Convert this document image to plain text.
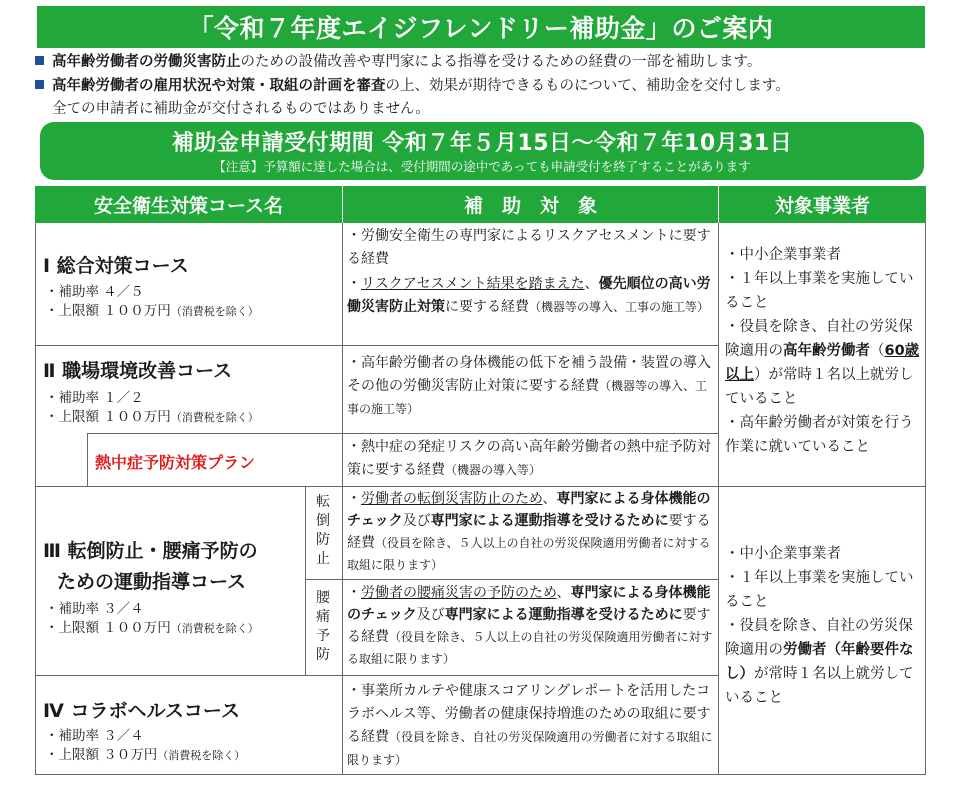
「令和７年度エイジフレンドリー補助金」のご案内
高年齢労働者の労働災害防止のための設備改善や専門家による指導を受けるための経費の一部を補助します。
高年齢労働者の雇用状況や対策・取組の計画を審査の上、効果が期待できるものについて、補助金を交付します。
全ての申請者に補助金が交付されるものではありません。
補助金申請受付期間 令和７年５月15日～令和７年10月31日
【注意】予算額に達した場合は、受付期間の途中であっても申請受付を終了することがあります
安全衛生対策コース名	補　助　対　象	対象事業者
Ⅰ 総合対策コース
・補助率 ４／５
・上限額 １００万円（消費税を除く）
・労働安全衛生の専門家によるリスクアセスメントに要する経費
・リスクアセスメント結果を踏まえた、優先順位の高い労働災害防止対策に要する経費（機器等の導入、工事の施工等）
Ⅱ 職場環境改善コース
・補助率 １／２
・上限額 １００万円（消費税を除く）
・高年齢労働者の身体機能の低下を補う設備・装置の導入その他の労働災害防止対策に要する経費（機器等の導入、工事の施工等）
熱中症予防対策プラン
・熱中症の発症リスクの高い高年齢労働者の熱中症予防対策に要する経費（機器の導入等）
Ⅲ 転倒防止・腰痛予防の
ための運動指導コース
・補助率 ３／４
・上限額 １００万円（消費税を除く）
転倒防止
腰痛予防
・労働者の転倒災害防止のため、専門家による身体機能のチェック及び専門家による運動指導を受けるために要する経費（役員を除き、５人以上の自社の労災保険適用労働者に対する取組に限ります）
・労働者の腰痛災害の予防のため、専門家による身体機能のチェック及び専門家による運動指導を受けるために要する経費（役員を除き、５人以上の自社の労災保険適用労働者に対する取組に限ります）
Ⅳ コラボヘルスコース
・補助率 ３／４
・上限額 ３０万円（消費税を除く）
・事業所カルテや健康スコアリングレポートを活用したコラボヘルス等、労働者の健康保持増進のための取組に要する経費（役員を除き、自社の労災保険適用の労働者に対する取組に限ります）
・中小企業事業者
・１年以上事業を実施していること
・役員を除き、自社の労災保険適用の高年齢労働者（60歳以上）が常時１名以上就労していること
・高年齢労働者が対策を行う作業に就いていること
・中小企業事業者
・１年以上事業を実施していること
・役員を除き、自社の労災保険適用の労働者（年齢要件なし）が常時１名以上就労していること
